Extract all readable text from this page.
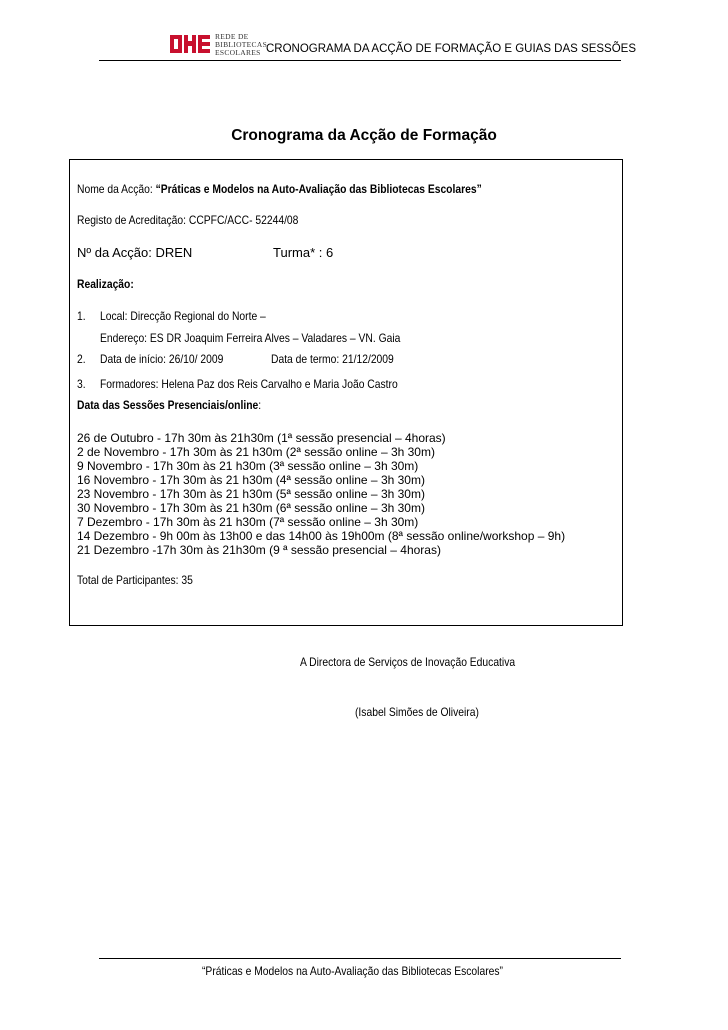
REDE DE
BIBLIOTECAS
ESCOLARES CRONOGRAMA DA ACÇÃO DE FORMAÇÃO E GUIAS DAS SESSÕES
Cronograma da Acção de Formação
Nome da Acção: “Práticas e Modelos na Auto-Avaliação das Bibliotecas Escolares”
Registo de Acreditação: CCPFC/ACC- 52244/08
Nº da Acção: DREN	Turma* : 6
Realização:
1. Local: Direcção Regional do Norte –
Endereço: ES DR Joaquim Ferreira Alves – Valadares – VN. Gaia
2. Data de início: 26/10/ 2009	Data de termo: 21/12/2009
3. Formadores: Helena Paz dos Reis Carvalho e Maria João Castro
Data das Sessões Presenciais/online:
26 de Outubro - 17h 30m às 21h30m (1ª sessão presencial – 4horas)
2 de Novembro - 17h 30m às 21 h30m (2ª sessão online – 3h 30m)
9 Novembro - 17h 30m às 21 h30m (3ª sessão online – 3h 30m)
16 Novembro - 17h 30m às 21 h30m (4ª sessão online – 3h 30m)
23 Novembro - 17h 30m às 21 h30m (5ª sessão online – 3h 30m)
30 Novembro - 17h 30m às 21 h30m (6ª sessão online – 3h 30m)
7 Dezembro - 17h 30m às 21 h30m (7ª sessão online – 3h 30m)
14 Dezembro - 9h 00m às 13h00 e das 14h00 às 19h00m (8ª sessão online/workshop – 9h)
21 Dezembro -17h 30m às 21h30m (9 ª sessão presencial – 4horas)
Total de Participantes: 35
A Directora de Serviços de Inovação Educativa
(Isabel Simões de Oliveira)
“Práticas e Modelos na Auto-Avaliação das Bibliotecas Escolares”
